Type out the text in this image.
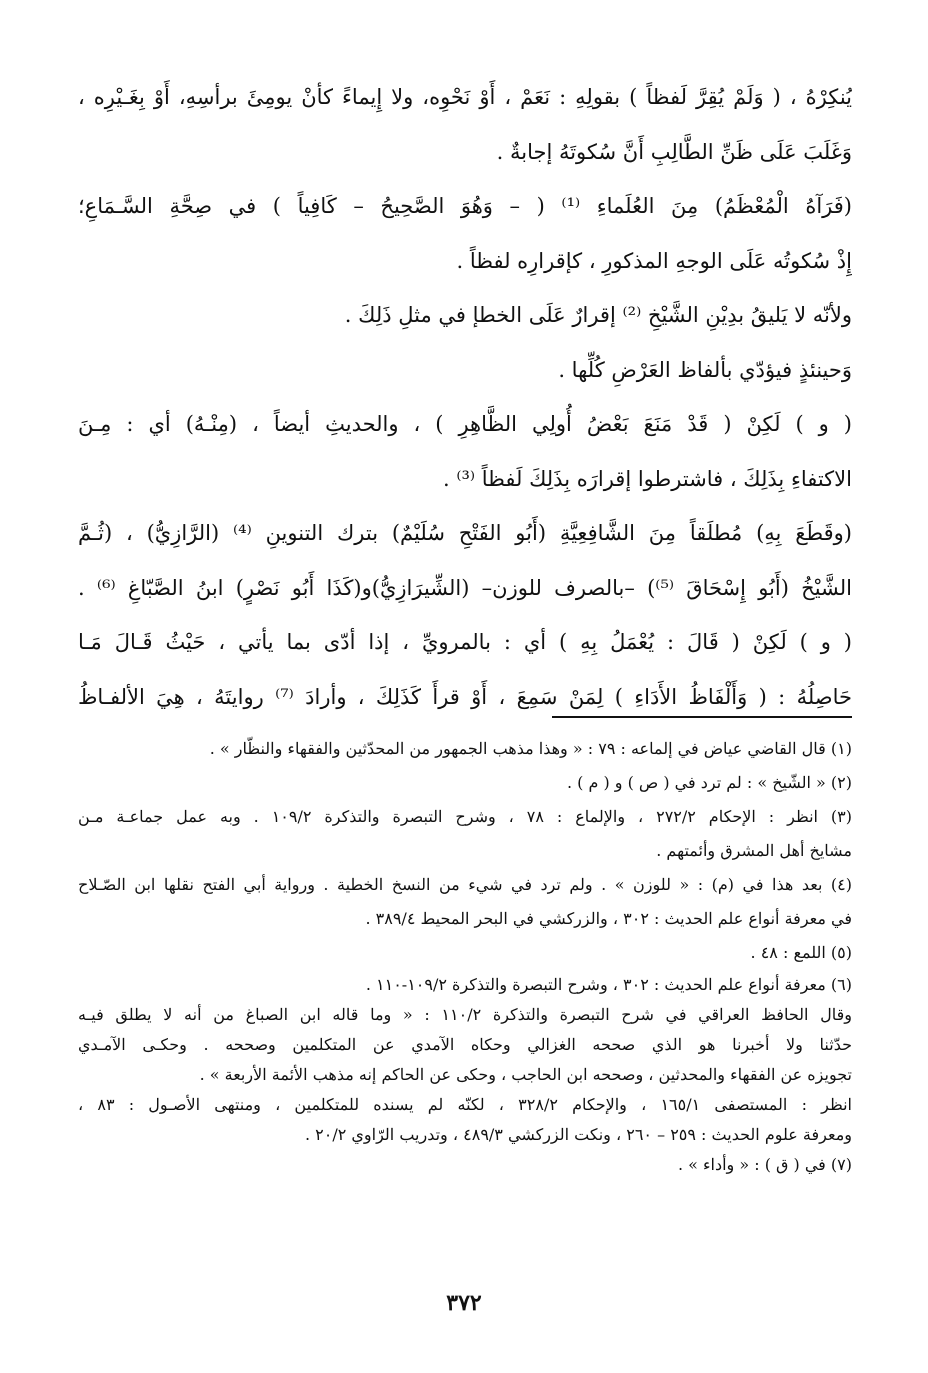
يُنكِرْهُ ، ( وَلَمْ يُقِرَّ لَفظاً ) بقولِهِ : نَعَمْ ، أَوْ نَحْوِه، ولا إِيماءً كأنْ يومِئَ برأسِهِ، أَوْ بِغَـيْرِه ،
وَغَلَبَ عَلَى ظَنِّ الطَّالِبِ أَنَّ سُكوتَهُ إجابةٌ .
(فَرَآهُ الْمُعْظَمُ) مِنَ العُلَماءِ ⁽¹⁾ ( – وَهُوَ الصَّحِيحُ – كَافِياً ) في صِحَّةِ السَّـمَاعِ؛
إِذْ سُكوتُه عَلَى الوجهِ المذكورِ ، كإقرارِه لفظاً .
ولأنّه لا يَليقُ بدِيْنِ الشَّيْخِ ⁽²⁾ إقرارٌ عَلَى الخطإ في مثلِ ذَلِكَ .
وَحينئذٍ فيؤدّي بألفاظ العَرْضِ كُلِّها .
( و ) لَكِنْ ( قَدْ مَنَعَ بَعْضُ أُولِي الظَّاهِرِ ) ، والحديثِ أيضاً ، (مِنْـهُ) أي : مِـنَ
الاكتفاءِ بِذَلِكَ ، فاشترطوا إقرارَه بِذَلِكَ لَفظاً ⁽³⁾ .
(وقَطَعَ بِهِ) مُطلَقاً مِنَ الشَّافِعِيَّةِ (أَبُو الفَتْحِ سُلَيْمٌ) بترك التنوينِ ⁽⁴⁾ (الرَّازِيُّ) ، (ثُـمَّ
الشَّيْخُ (أَبُو إِسْحَاقَ ⁽⁵⁾) –بالصرف للوزن– (الشِّيرَازِيُّ)و(كَذَا أَبُو نَصْرٍ) ابنُ الصَّبّاغِ ⁽⁶⁾ .
( و ) لَكِنْ ( قَالَ : يُعْمَلُ بِهِ ) أي : بالمرويِّ ، إذا أدّى بما يأتي ، حَيْثُ قَـالَ مَـا
حَاصِلُهُ : ( وَأَلْفَاظُ الأَدَاءِ ) لِمَنْ سَمِعَ ، أَوْ قرأَ كَذَلِكَ ، وأرادَ ⁽⁷⁾ روايتَهُ ، هِيَ الألفـاظُ
(١) قال القاضي عياض في إلماعه : ٧٩ : « وهذا مذهب الجمهور من المحدّثين والفقهاء والنظّار » .
(٢) « الشّيخ » : لم ترد في ( ص ) و ( م ) .
(٣) انظر : الإحكام ٢٧٢/٢ ، والإلماع : ٧٨ ، وشرح التبصرة والتذكرة ١٠٩/٢ . وبه عمل جماعـة مـن
مشايخ أهل المشرق وأئمتهم .
(٤) بعد هذا في (م) : « للوزن » . ولم ترد في شيء من النسخ الخطية . ورواية أبي الفتح نقلها ابن الصّـلاح
في معرفة أنواع علم الحديث : ٣٠٢ ، والزركشي في البحر المحيط ٣٨٩/٤ .
(٥) اللمع : ٤٨ .
(٦) معرفة أنواع علم الحديث : ٣٠٢ ، وشرح التبصرة والتذكرة ١٠٩/٢-١١٠ .
وقال الحافظ العراقي في شرح التبصرة والتذكرة ١١٠/٢ : « وما قاله ابن الصباغ من أنه لا يطلق فيـه
حدّثنا ولا أخبرنا هو الذي صححه الغزالي وحكاه الآمدي عن المتكلمين وصححه . وحكـى الآمـدي
تجويزه عن الفقهاء والمحدثين ، وصححه ابن الحاجب ، وحكى عن الحاكم إنه مذهب الأئمة الأربعة » .
انظر : المستصفى ١٦٥/١ ، والإحكام ٣٢٨/٢ ، لكنّه لم يسنده للمتكلمين ، ومنتهى الأصـول : ٨٣ ،
ومعرفة علوم الحديث : ٢٥٩ – ٢٦٠ ، ونكت الزركشي ٤٨٩/٣ ، وتدريب الرّاوي ٢٠/٢ .
(٧) في ( ق ) : « وأداء » .
٣٧٢
